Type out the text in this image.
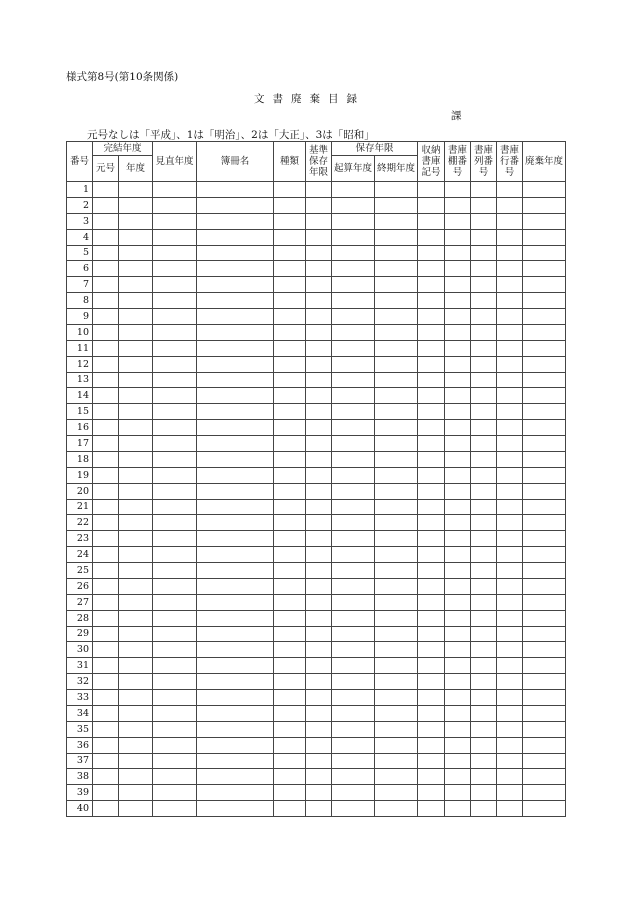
様式第8号(第10条関係)
文書廃棄目録
課
元号なしは「平成」、1は「明治」、2は「大正」、3は「昭和」
番号	完結年度		見直年度	簿冊名	種類	基準保存年限	保存年限		収納書庫記号	書庫棚番号	書庫列番号	書庫行番号	廃棄年度
	元号	年度					起算年度	終期年度					
1													
2													
3													
4													
5													
6													
7													
8													
9													
10													
11													
12													
13													
14													
15													
16													
17													
18													
19													
20													
21													
22													
23													
24													
25													
26													
27													
28													
29													
30													
31													
32													
33													
34													
35													
36													
37													
38													
39													
40													
